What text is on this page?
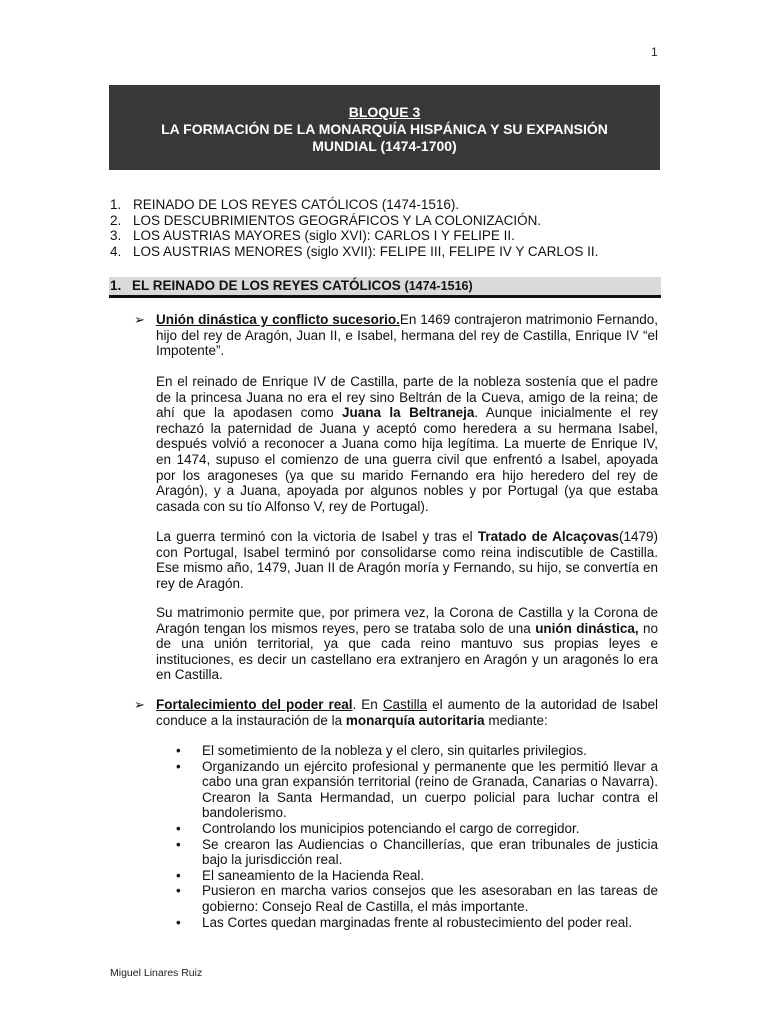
1
BLOQUE 3
LA FORMACIÓN DE LA MONARQUÍA HISPÁNICA Y SU EXPANSIÓN
MUNDIAL (1474-1700)
1. REINADO DE LOS REYES CATÓLICOS (1474-1516).
2. LOS DESCUBRIMIENTOS GEOGRÁFICOS Y LA COLONIZACIÓN.
3. LOS AUSTRIAS MAYORES (siglo XVI): CARLOS I Y FELIPE II.
4. LOS AUSTRIAS MENORES (siglo XVII): FELIPE III, FELIPE IV Y CARLOS II.
1. EL REINADO DE LOS REYES CATÓLICOS (1474-1516)
➢ Unión dinástica y conflicto sucesorio.En 1469 contrajeron matrimonio Fernando, hijo del rey de Aragón, Juan II, e Isabel, hermana del rey de Castilla, Enrique IV “el Impotente”.

En el reinado de Enrique IV de Castilla, parte de la nobleza sostenía que el padre de la princesa Juana no era el rey sino Beltrán de la Cueva, amigo de la reina; de ahí que la apodasen como Juana la Beltraneja. Aunque inicialmente el rey rechazó la paternidad de Juana y aceptó como heredera a su hermana Isabel, después volvió a reconocer a Juana como hija legítima. La muerte de Enrique IV, en 1474, supuso el comienzo de una guerra civil que enfrentó a Isabel, apoyada por los aragoneses (ya que su marido Fernando era hijo heredero del rey de Aragón), y a Juana, apoyada por algunos nobles y por Portugal (ya que estaba casada con su tío Alfonso V, rey de Portugal).

La guerra terminó con la victoria de Isabel y tras el Tratado de Alcaçovas(1479) con Portugal, Isabel terminó por consolidarse como reina indiscutible de Castilla. Ese mismo año, 1479, Juan II de Aragón moría y Fernando, su hijo, se convertía en rey de Aragón.

Su matrimonio permite que, por primera vez, la Corona de Castilla y la Corona de Aragón tengan los mismos reyes, pero se trataba solo de una unión dinástica, no de una unión territorial, ya que cada reino mantuvo sus propias leyes e instituciones, es decir un castellano era extranjero en Aragón y un aragonés lo era en Castilla.

➢ Fortalecimiento del poder real. En Castilla el aumento de la autoridad de Isabel conduce a la instauración de la monarquía autoritaria mediante:

• El sometimiento de la nobleza y el clero, sin quitarles privilegios.
• Organizando un ejército profesional y permanente que les permitió llevar a cabo una gran expansión territorial (reino de Granada, Canarias o Navarra). Crearon la Santa Hermandad, un cuerpo policial para luchar contra el bandolerismo.
• Controlando los municipios potenciando el cargo de corregidor.
• Se crearon las Audiencias o Chancillerías, que eran tribunales de justicia bajo la jurisdicción real.
• El saneamiento de la Hacienda Real.
• Pusieron en marcha varios consejos que les asesoraban en las tareas de gobierno: Consejo Real de Castilla, el más importante.
• Las Cortes quedan marginadas frente al robustecimiento del poder real.
Miguel Linares Ruiz
